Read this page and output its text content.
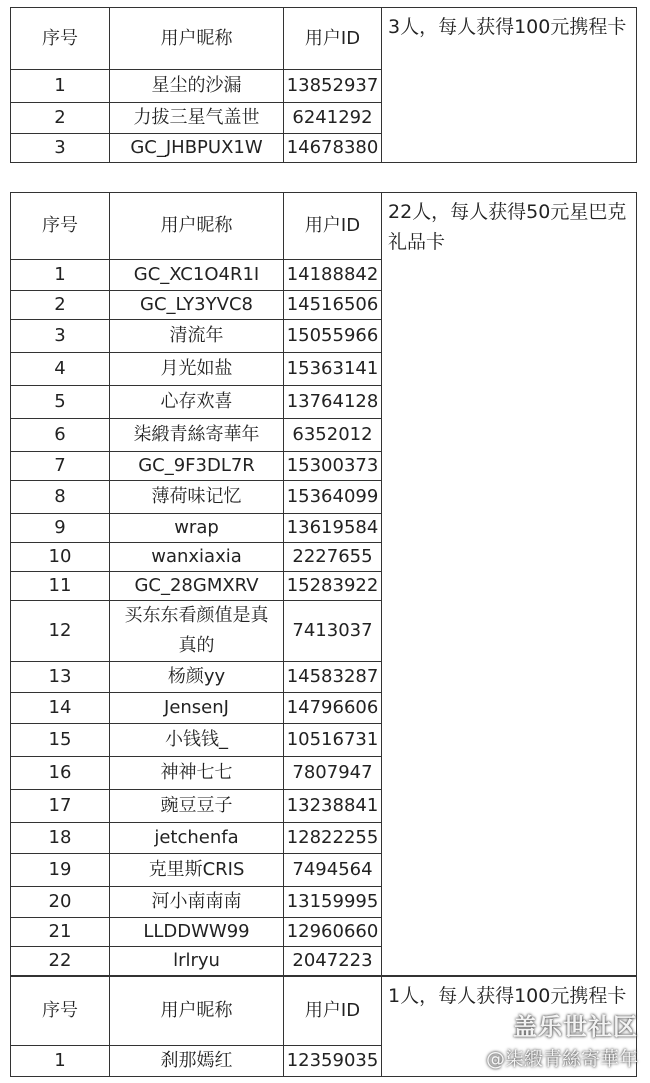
序号	用户昵称	用户ID	3人，每人获得100元携程卡
1	星尘的沙漏	13852937	
2	力拔三星气盖世	6241292	
3	GC_JHBPUX1W	14678380	
序号	用户昵称	用户ID	22人，每人获得50元星巴克礼品卡
1	GC_XC1O4R1I	14188842	
2	GC_LY3YVC8	14516506	
3	清流年	15055966	
4	月光如盐	15363141	
5	心存欢喜	13764128	
6	柒緞青絲寄華年	6352012	
7	GC_9F3DL7R	15300373	
8	薄荷味记忆	15364099	
9	wrap	13619584	
10	wanxiaxia	2227655	
11	GC_28GMXRV	15283922	
12	买东东看颜值是真真的	7413037	
13	杨颜yy	14583287	
14	JensenJ	14796606	
15	小钱钱_	10516731	
16	神神七七	7807947	
17	豌豆豆子	13238841	
18	jetchenfa	12822255	
19	克里斯CRIS	7494564	
20	河小南南南	13159995	
21	LLDDWW99	12960660	
22	lrlryu	2047223	
序号	用户昵称	用户ID	1人，每人获得100元携程卡
1	刹那嫣红	12359035	
盖乐世社区
@柒緞青絲寄華年
